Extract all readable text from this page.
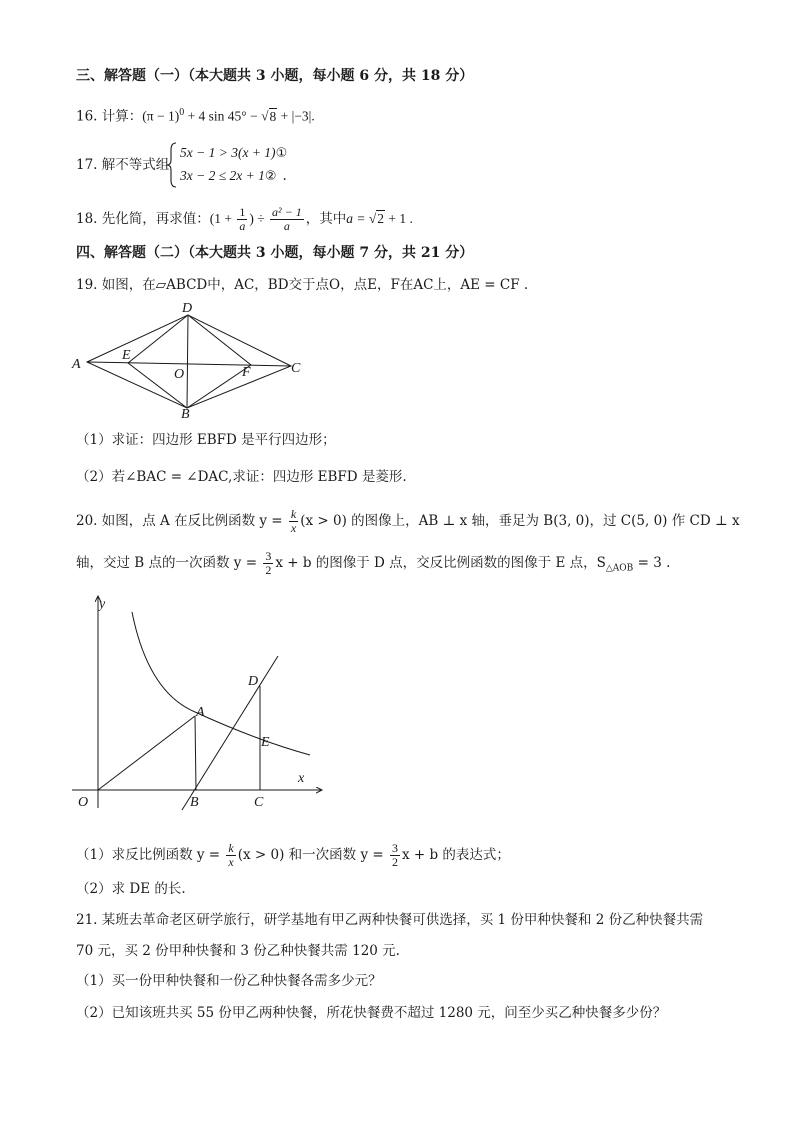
三、解答题（一）（本大题共 3 小题，每小题 6 分，共 18 分）
16. 计算：$(\pi - 1)^0 + 4$ sin 45° − √8 + |−3|.
17. 解不等式组
5x − 1 > 3(x + 1)①
3x − 2 ≤ 2x + 1② .
18. 先化简，再求值：($1 + \frac{1}{a}$ ) ÷ $\frac{\text{a² − 1}}{a}$ ，其中a = √2 + 1 .
四、解答题（二）（本大题共 3 小题，每小题 7 分，共 21 分）
19. 如图，在▱ABCD中，AC，BD交于点O，点E，F在AC上，AE = CF .
A
D
C
B
E
F
O
（1）求证：四边形 EBFD 是平行四边形；
（2）若∠BAC = ∠DAC,求证：四边形 EBFD 是菱形.
20. 如图，点 A 在反比例函数 $y = \frac{k}{x} (x > 0)$ 的图像上，AB ⊥ x 轴，垂足为 B(3, 0)，过 C(5, 0) 作 CD ⊥ x
轴，交过 B 点的一次函数 $y = \frac{3}{2}$ x + b 的图像于 D 点，交反比例函数的图像于 E 点，$S_{\triangle AOB} = 3$ .
y
x
O
A
B	C
D
E
（1）求反比例函数 $y = \frac{k}{x} (x > 0)$ 和一次函数 $y = \frac{3}{2}$ x + b 的表达式；
（2）求 DE 的长.
21. 某班去革命老区研学旅行，研学基地有甲乙两种快餐可供选择，买 1 份甲种快餐和 2 份乙种快餐共需
70 元，买 2 份甲种快餐和 3 份乙种快餐共需 120 元.
（1）买一份甲种快餐和一份乙种快餐各需多少元？
（2）已知该班共买 55 份甲乙两种快餐，所花快餐费不超过 1280 元，问至少买乙种快餐多少份？
